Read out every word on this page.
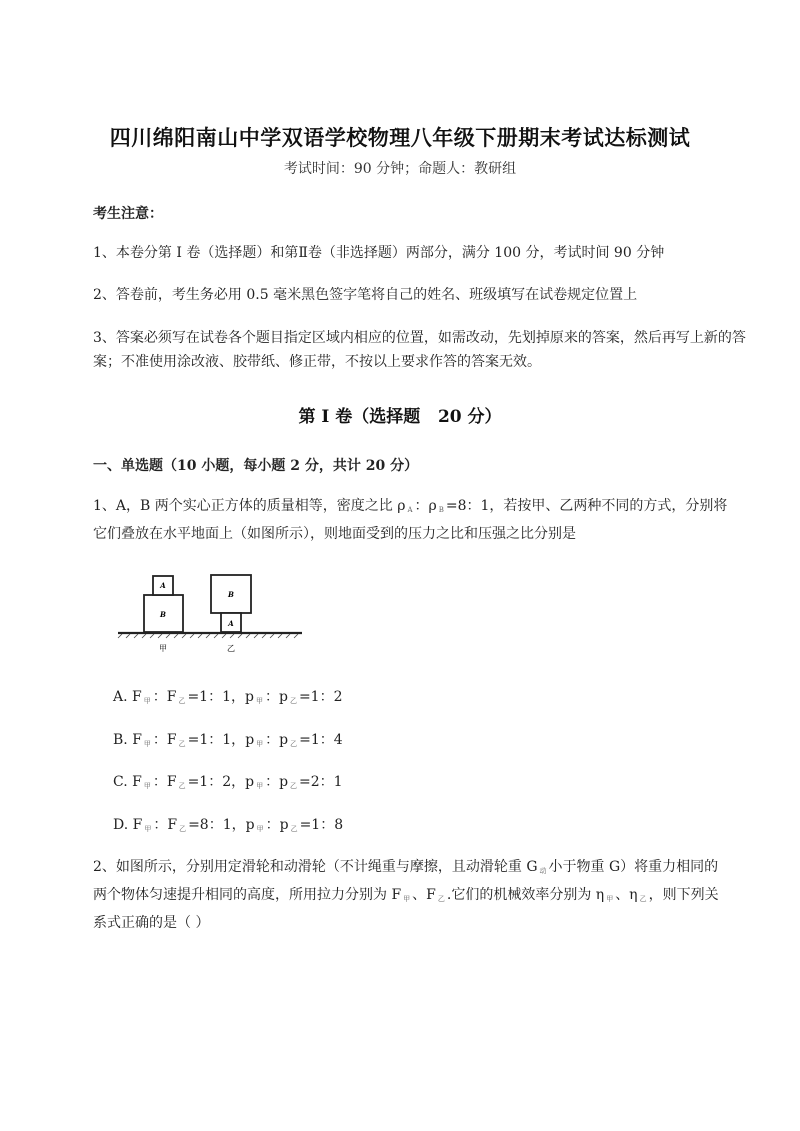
四川绵阳南山中学双语学校物理八年级下册期末考试达标测试
考试时间：90 分钟；命题人：教研组
考生注意：
1、本卷分第 I 卷（选择题）和第Ⅱ卷（非选择题）两部分，满分 100 分，考试时间 90 分钟
2、答卷前，考生务必用 0.5 毫米黑色签字笔将自己的姓名、班级填写在试卷规定位置上
3、答案必须写在试卷各个题目指定区域内相应的位置，如需改动，先划掉原来的答案，然后再写上新的答案；不准使用涂改液、胶带纸、修正带，不按以上要求作答的答案无效。
第 I 卷（选择题   20 分）
一、单选题（10 小题，每小题 2 分，共计 20 分）
1、A，B 两个实心正方体的质量相等，密度之比 ρ $_A$ ：ρ $_B$ =8：1，若按甲、乙两种不同的方式，分别将
它们叠放在水平地面上（如图所示），则地面受到的压力之比和压强之比分别是
B
A
B
A
甲	乙
A. F $_甲$ ：F $_乙$ =1：1，p $_甲$ ：p $_乙$ =1：2
B. F $_甲$ ：F $_乙$ =1：1，p $_甲$ ：p $_乙$ =1：4
C. F $_甲$ ：F $_乙$ =1：2，p $_甲$ ：p $_乙$ =2：1
D. F $_甲$ ：F $_乙$ =8：1，p $_甲$ ：p $_乙$ =1：8
2、如图所示，分别用定滑轮和动滑轮（不计绳重与摩擦，且动滑轮重 G $_动$ 小于物重 G）将重力相同的
两个物体匀速提升相同的高度，所用拉力分别为 F $_甲$ 、F $_乙$ .它们的机械效率分别为 η $_甲$ 、η $_乙$ ，则下列关
系式正确的是（ ）
